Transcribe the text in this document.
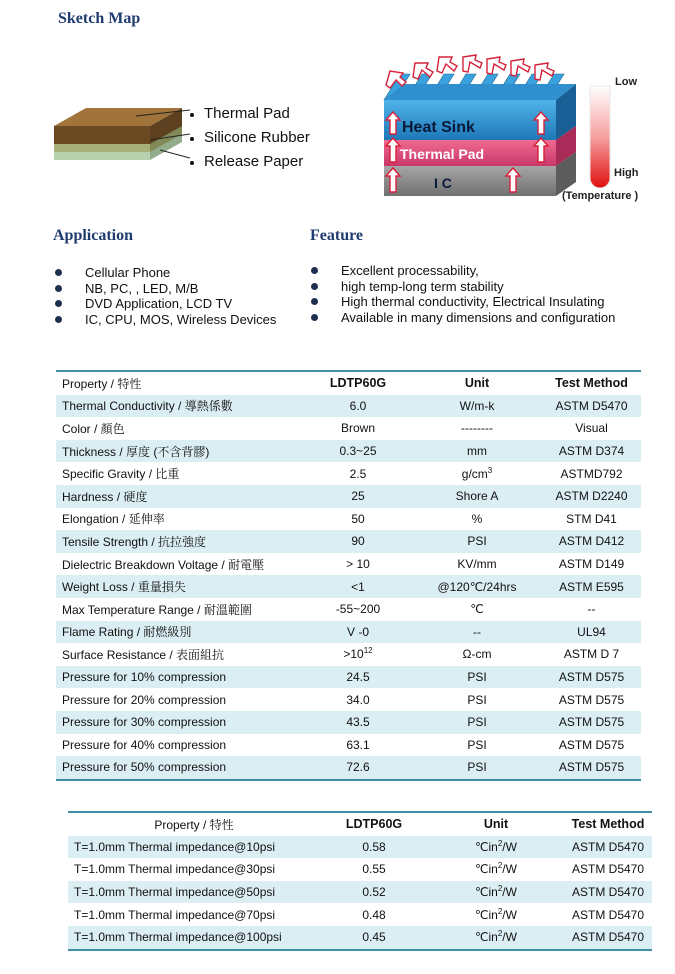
Sketch Map
Thermal Pad
Silicone Rubber
Release Paper
Heat Sink
Thermal Pad
I C
Low
High
(Temperature )
Application
Cellular Phone
NB, PC, , LED, M/B
DVD Application, LCD TV
IC, CPU, MOS, Wireless Devices
Feature
Excellent processability,
high temp-long term stability
High thermal conductivity, Electrical Insulating
Available in many dimensions and configuration
Property / 特性	LDTP60G	Unit	Test Method
Thermal Conductivity / 導熱係數	6.0	W/m-k	ASTM D5470
Color / 顏色	Brown	--------	Visual
Thickness / 厚度 (不含背膠)	0.3~25	mm	ASTM D374
Specific Gravity / 比重	2.5	$g/cm^3$	ASTMD792
Hardness / 硬度	25	Shore A	ASTM D2240
Elongation / 延伸率	50	%	STM D41
Tensile Strength / 抗拉強度	90	PSI	ASTM D412
Dielectric Breakdown Voltage / 耐電壓	> 10	KV/mm	ASTM D149
Weight Loss / 重量損失	<1	@120℃/24hrs	ASTM E595
Max Temperature Range / 耐溫範圍	-55~200	℃	--
Flame Rating / 耐燃級別	V -0	--	UL94
Surface Resistance / 表面組抗	$>10^{12}$	Ω-cm	ASTM D 7
Pressure for 10% compression	24.5	PSI	ASTM D575
Pressure for 20% compression	34.0	PSI	ASTM D575
Pressure for 30% compression	43.5	PSI	ASTM D575
Pressure for 40% compression	63.1	PSI	ASTM D575
Pressure for 50% compression	72.6	PSI	ASTM D575
Property / 特性	LDTP60G	Unit	Test Method
T=1.0mm Thermal impedance@10psi	0.58	$℃in^2/W$	ASTM D5470
T=1.0mm Thermal impedance@30psi	0.55	$℃in^2/W$	ASTM D5470
T=1.0mm Thermal impedance@50psi	0.52	$℃in^2/W$	ASTM D5470
T=1.0mm Thermal impedance@70psi	0.48	$℃in^2/W$	ASTM D5470
T=1.0mm Thermal impedance@100psi	0.45	$℃in^2/W$	ASTM D5470
